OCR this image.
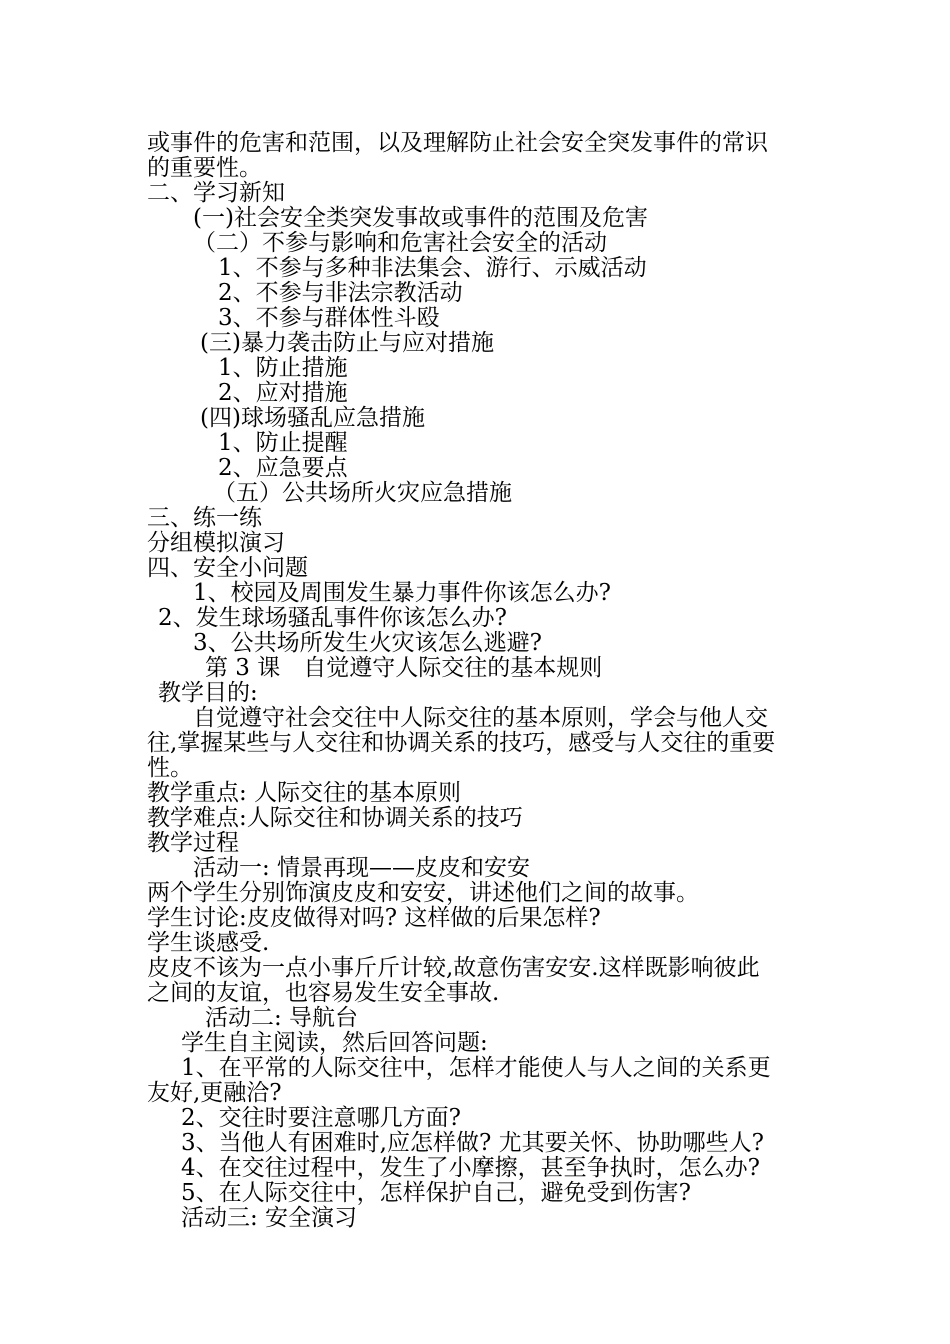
或事件的危害和范围，以及理解防止社会安全突发事件的常识
的重要性。
二、学习新知
(一)社会安全类突发事故或事件的范围及危害
（二）不参与影响和危害社会安全的活动
1、不参与多种非法集会、游行、示威活动
2、不参与非法宗教活动
3、不参与群体性斗殴
(三)暴力袭击防止与应对措施
1、防止措施
2、应对措施
(四)球场骚乱应急措施
1、防止提醒
2、应急要点
（五）公共场所火灾应急措施
三、练一练
分组模拟演习
四、安全小问题
1、校园及周围发生暴力事件你该怎么办?
2、发生球场骚乱事件你该怎么办?
3、公共场所发生火灾该怎么逃避?
第 3 课　自觉遵守人际交往的基本规则
教学目的:
自觉遵守社会交往中人际交往的基本原则，学会与他人交
往,掌握某些与人交往和协调关系的技巧，感受与人交往的重要
性。
教学重点: 人际交往的基本原则
教学难点:人际交往和协调关系的技巧
教学过程
活动一: 情景再现——皮皮和安安
两个学生分别饰演皮皮和安安，讲述他们之间的故事。
学生讨论:皮皮做得对吗? 这样做的后果怎样?
学生谈感受.
皮皮不该为一点小事斤斤计较,故意伤害安安.这样既影响彼此
之间的友谊，也容易发生安全事故.
活动二: 导航台
学生自主阅读，然后回答问题:
1、在平常的人际交往中，怎样才能使人与人之间的关系更
友好,更融洽?
2、交往时要注意哪几方面?
3、当他人有困难时,应怎样做? 尤其要关怀、协助哪些人?
4、在交往过程中，发生了小摩擦，甚至争执时，怎么办?
5、在人际交往中，怎样保护自己，避免受到伤害?
活动三: 安全演习
